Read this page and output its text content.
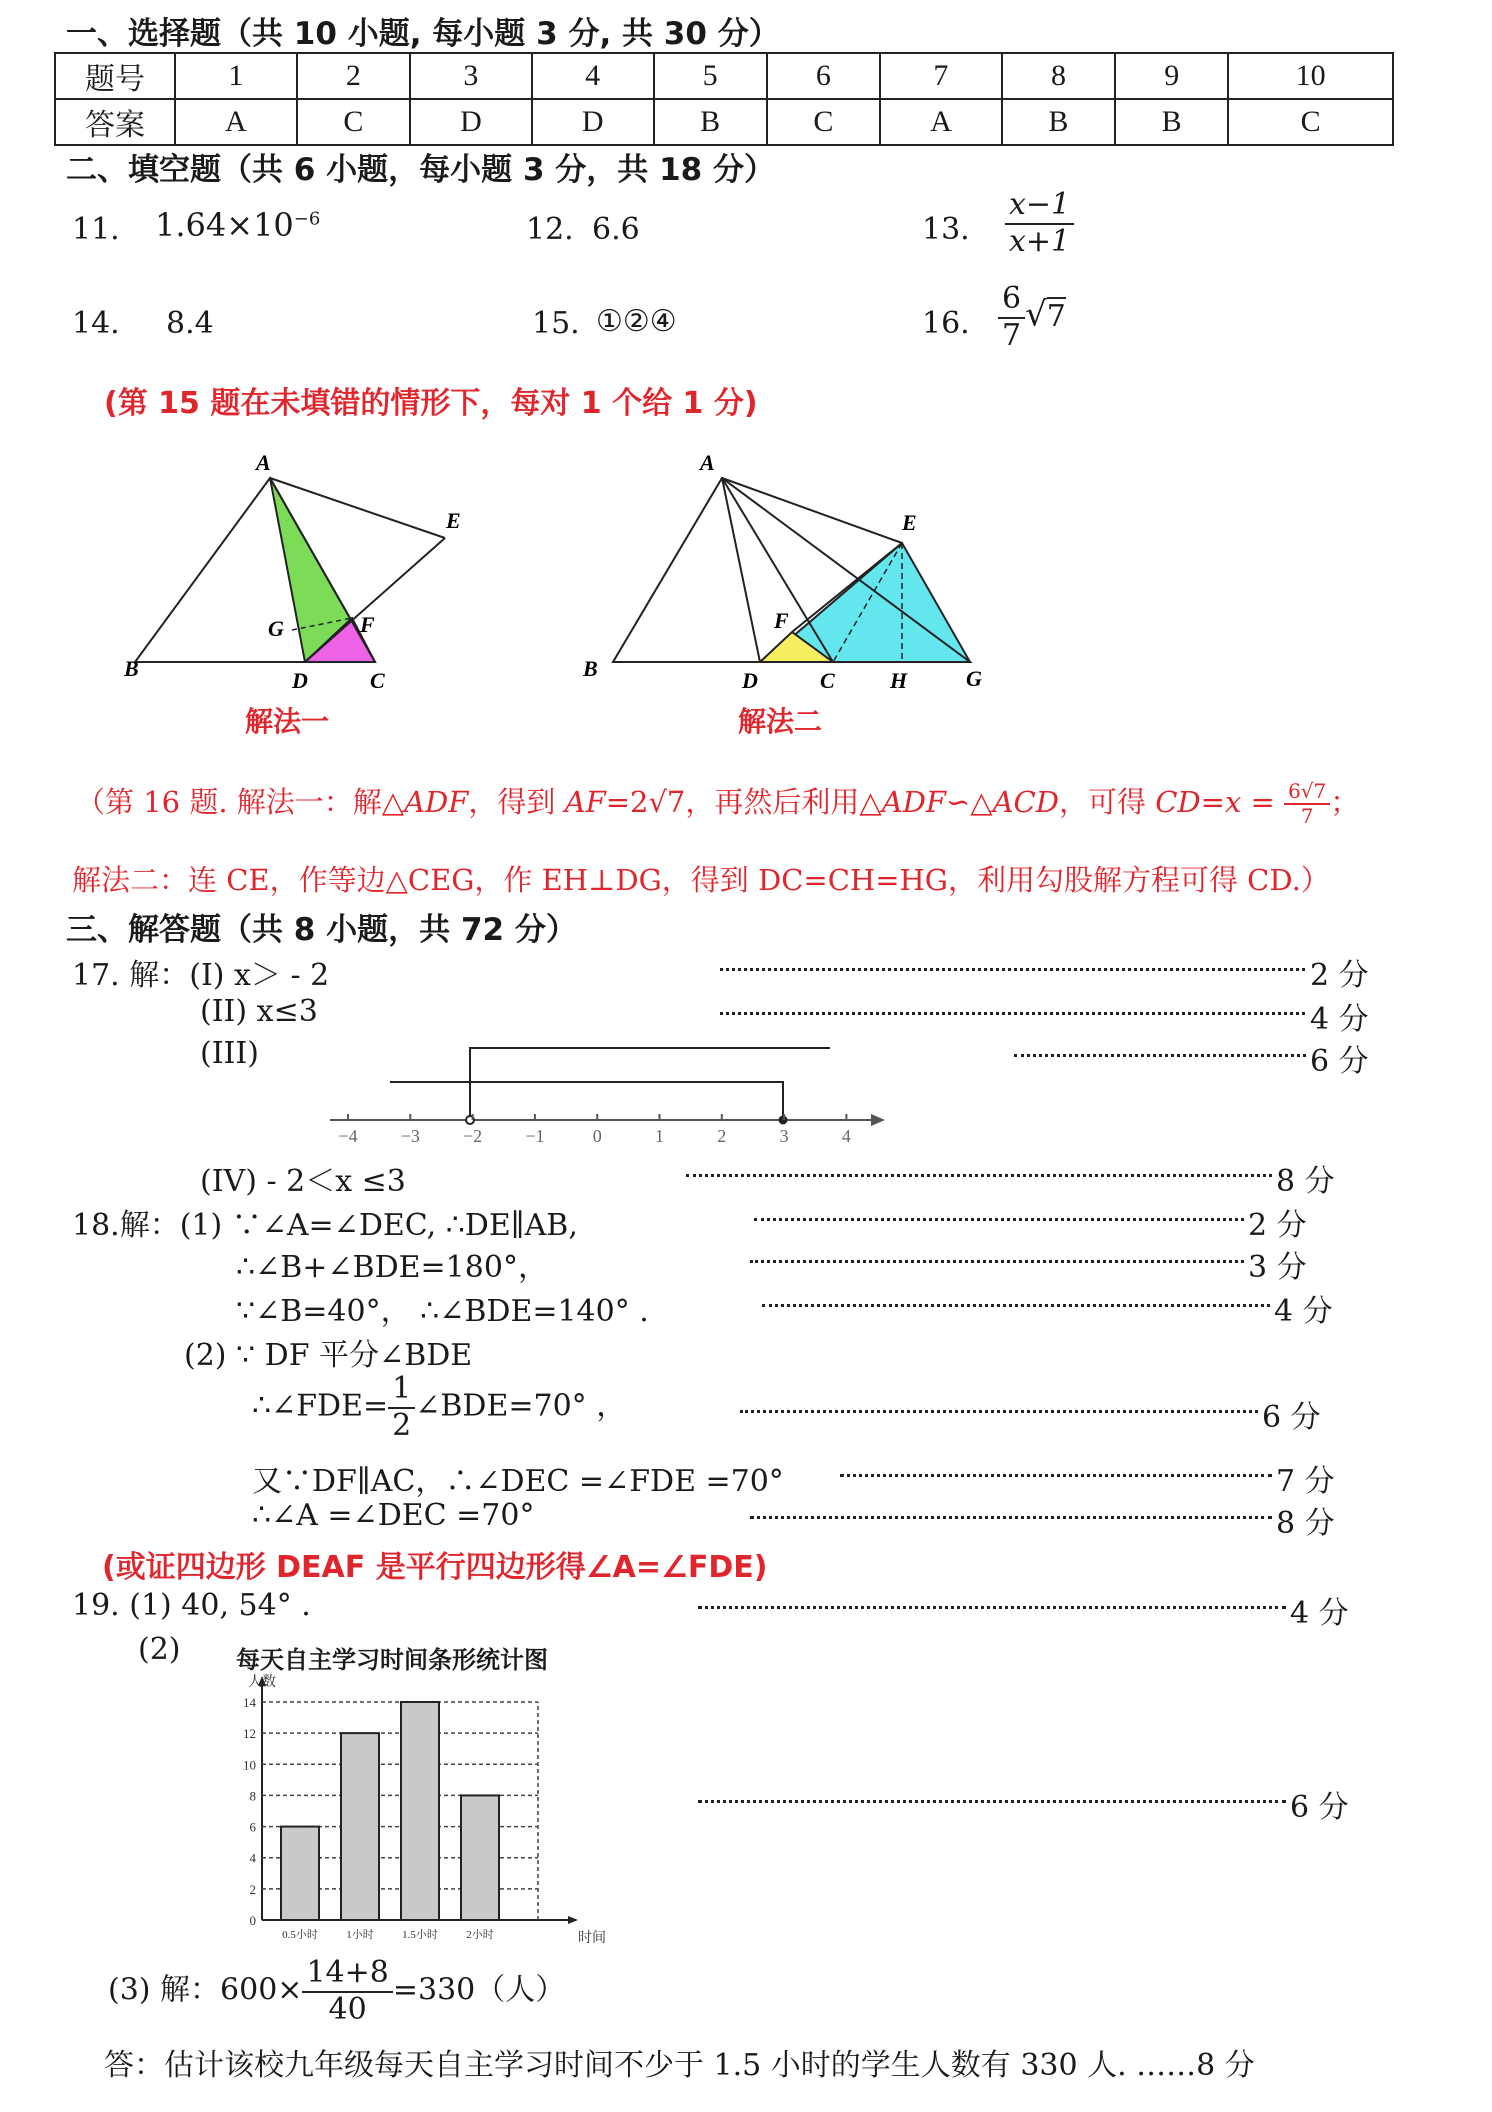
一、选择题（共 10 小题, 每小题 3 分, 共 30 分）
题号	1	2	3	4	5	6	7	8	9	10
答案	A	C	D	D	B	C	A	B	B	C
二、填空题（共 6 小题，每小题 3 分，共 18 分）
11. $1.64\times 10^{-6}$	12. 6.6	13. $\frac{x-1}{x+1}$
14. 8.4	15. ①②④	16. $\frac{6}{7} √7$
(第 15 题在未填错的情形下，每对 1 个给 1 分)
A
B	C
D
E
F
G
解法一
A
B	C
D
E
F
G
H
解法二
（第 16 题. 解法一：解△ADF，得到 AF=2√7，再然后利用△ADF∽△ACD，可得 $CD=x = \frac{6√7}{7}$ ；
解法二：连 CE，作等边△CEG，作 EH⊥DG，得到 DC=CH=HG，利用勾股解方程可得 CD.）
三、解答题（共 8 小题，共 72 分）
17. 解：(I) x＞ - 2	2 分
(II) x≤3	4 分
(III)	6 分
−4 −3 −2 −1	0	1	2	3	4
(IV) - 2＜x ≤3	8 分
18.解：(1) ∵∠A=∠DEC, ∴DE∥AB,	2 分
∴∠B+∠BDE=180°，	3 分
∵∠B=40°， ∴∠BDE=140° .	4 分
(2) ∵ DF 平分∠BDE
∴∠FDE= $\frac{1}{2}$ ∠BDE=70° ，	6 分
又∵DF∥AC，∴∠DEC =∠FDE =70°	7 分
∴∠A =∠DEC =70°	8 分
(或证四边形 DEAF 是平行四边形得∠A=∠FDE)
19. (1) 40, 54° .	4 分
(2) 每天自主学习时间条形统计图
0
2
4
6
8
10
12
14
人数
时间
0.5小时	1小时	1.5小时	2小时
6 分
(3) 解：$600\times \frac{14+8}{40} =330$（人）
答：估计该校九年级每天自主学习时间不少于 1.5 小时的学生人数有 330 人. ……8 分
